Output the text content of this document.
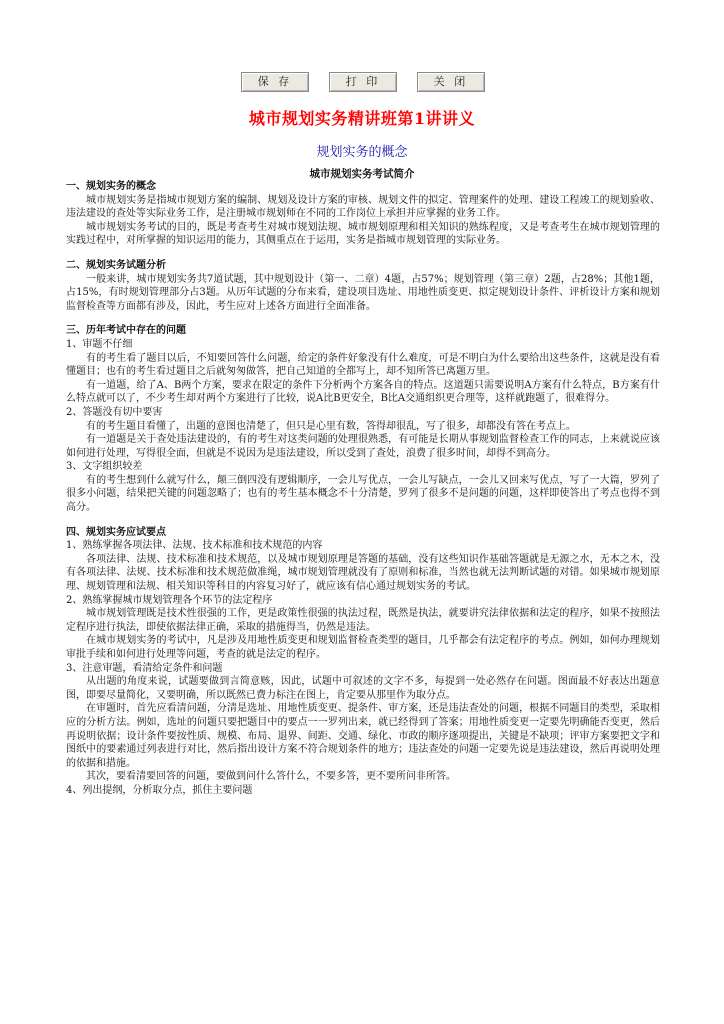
保 存	打 印	关 闭
城市规划实务精讲班第1讲讲义
规划实务的概念
城市规划实务考试简介

一、规划实务的概念

城市规划实务是指城市规划方案的编制、规划及设计方案的审核、规划文件的拟定、管理案件的处理、建设工程竣工的规划验收、违法建设的查处等实际业务工作，是注册城市规划师在不同的工作岗位上承担并应掌握的业务工作。

城市规划实务考试的目的，既是考查考生对城市规划法规、城市规划原理和相关知识的熟练程度，又是考查考生在城市规划管理的实践过程中，对所掌握的知识运用的能力，其侧重点在于运用，实务是指城市规划管理的实际业务。

二、规划实务试题分析

一般来讲，城市规划实务共7道试题，其中规划设计（第一、二章）4题，占57%；规划管理（第三章）2题，占28%；其他1题，占15%，有时规划管理部分占3题。从历年试题的分布来看，建设项目选址、用地性质变更、拟定规划设计条件、评析设计方案和规划监督检查等方面都有涉及，因此，考生应对上述各方面进行全面准备。

三、历年考试中存在的问题

1、审题不仔细

有的考生看了题目以后，不知要回答什么问题，给定的条件好象没有什么难度，可是不明白为什么要给出这些条件，这就是没有看懂题目；也有的考生看过题目之后就匆匆做答，把自己知道的全都写上，却不知所答已离题万里。

有一道题，给了A、B两个方案，要求在限定的条件下分析两个方案各自的特点。这道题只需要说明A方案有什么特点，B方案有什么特点就可以了，不少考生却对两个方案进行了比较，说A比B更安全，B比A交通组织更合理等，这样就跑题了，很难得分。

2、答题没有切中要害

有的考生题目看懂了，出题的意图也清楚了，但只是心里有数，答得却很乱，写了很多，却都没有答在考点上。

有一道题是关于查处违法建设的，有的考生对这类问题的处理很熟悉，有可能是长期从事规划监督检查工作的同志，上来就说应该如何进行处理，写得很全面，但就是不说因为是违法建设，所以受到了查处，浪费了很多时间，却得不到高分。

3、文字组织较差

有的考生想到什么就写什么，颠三倒四没有逻辑顺序，一会儿写优点，一会儿写缺点，一会儿又回来写优点，写了一大篇，罗列了很多小问题，结果把关键的问题忽略了；也有的考生基本概念不十分清楚，罗列了很多不是问题的问题，这样即使答出了考点也得不到高分。

四、规划实务应试要点

1、熟练掌握各项法律、法规、技术标准和技术规范的内容

各项法律、法规、技术标准和技术规范，以及城市规划原理是答题的基础，没有这些知识作基础答题就是无源之水，无本之木，没有各项法律、法规、技术标准和技术规范做准绳，城市规划管理就没有了原则和标准，当然也就无法判断试题的对错。如果城市规划原理、规划管理和法规、相关知识等科目的内容复习好了，就应该有信心通过规划实务的考试。

2、熟练掌握城市规划管理各个环节的法定程序

城市规划管理既是技术性很强的工作，更是政策性很强的执法过程，既然是执法，就要讲究法律依据和法定的程序，如果不按照法定程序进行执法，即使依据法律正确，采取的措施得当，仍然是违法。

在城市规划实务的考试中，凡是涉及用地性质变更和规划监督检查类型的题目，几乎都会有法定程序的考点。例如，如何办理规划审批手续和如何进行处理等问题，考查的就是法定的程序。

3、注意审题，看清给定条件和问题

从出题的角度来说，试题要做到言简意赅，因此，试题中可叙述的文字不多，每提到一处必然存在问题。图面最不好表达出题意图，即要尽量简化，又要明确，所以既然已费力标注在图上，肯定要从那里作为取分点。

在审题时，首先应看清问题，分清是选址、用地性质变更、提条件、审方案，还是违法查处的问题，根据不同题目的类型，采取相应的分析方法。例如，选址的问题只要把题目中的要点一一罗列出来，就已经得到了答案；用地性质变更一定要先明确能否变更，然后再说明依据；设计条件要按性质、规模、布局、退界、间距、交通、绿化、市政的顺序逐项提出，关键是不缺项；评审方案要把文字和图纸中的要素通过列表进行对比，然后指出设计方案不符合规划条件的地方；违法查处的问题一定要先说是违法建设，然后再说明处理的依据和措施。

其次，要看清要回答的问题，要做到问什么答什么，不要多答，更不要所问非所答。

4、列出提纲，分析取分点，抓住主要问题
